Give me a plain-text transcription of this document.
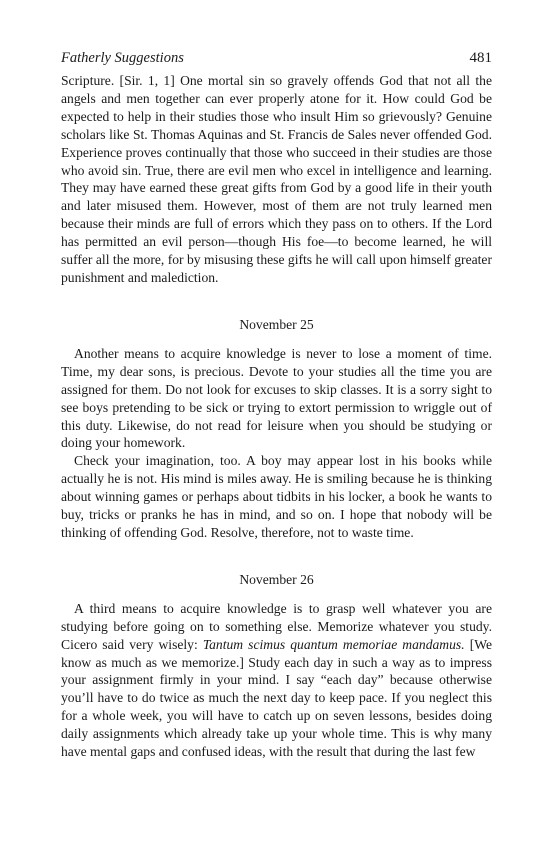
Fatherly Suggestions	481

Scripture. [Sir. 1, 1] One mortal sin so gravely offends God that not all the angels and men together can ever properly atone for it. How could God be expected to help in their studies those who insult Him so grievously? Genuine scholars like St. Thomas Aquinas and St. Francis de Sales never offended God. Experience proves continually that those who succeed in their studies are those who avoid sin. True, there are evil men who excel in intelligence and learning. They may have earned these great gifts from God by a good life in their youth and later misused them. However, most of them are not truly learned men because their minds are full of errors which they pass on to others. If the Lord has permitted an evil person—though His foe—to become learned, he will suffer all the more, for by misusing these gifts he will call upon himself greater punishment and malediction.

November 25

Another means to acquire knowledge is never to lose a moment of time. Time, my dear sons, is precious. Devote to your studies all the time you are assigned for them. Do not look for excuses to skip classes. It is a sorry sight to see boys pretending to be sick or trying to extort permission to wriggle out of this duty. Likewise, do not read for leisure when you should be studying or doing your homework.

Check your imagination, too. A boy may appear lost in his books while actually he is not. His mind is miles away. He is smiling because he is thinking about winning games or perhaps about tidbits in his locker, a book he wants to buy, tricks or pranks he has in mind, and so on. I hope that nobody will be thinking of offending God. Resolve, therefore, not to waste time.

November 26

A third means to acquire knowledge is to grasp well whatever you are studying before going on to something else. Memorize whatever you study. Cicero said very wisely: Tantum scimus quantum memoriae mandamus. [We know as much as we memorize.] Study each day in such a way as to impress your assignment firmly in your mind. I say “each day” because otherwise you’ll have to do twice as much the next day to keep pace. If you neglect this for a whole week, you will have to catch up on seven lessons, besides doing daily assignments which already take up your whole time. This is why many have mental gaps and confused ideas, with the result that during the last few
